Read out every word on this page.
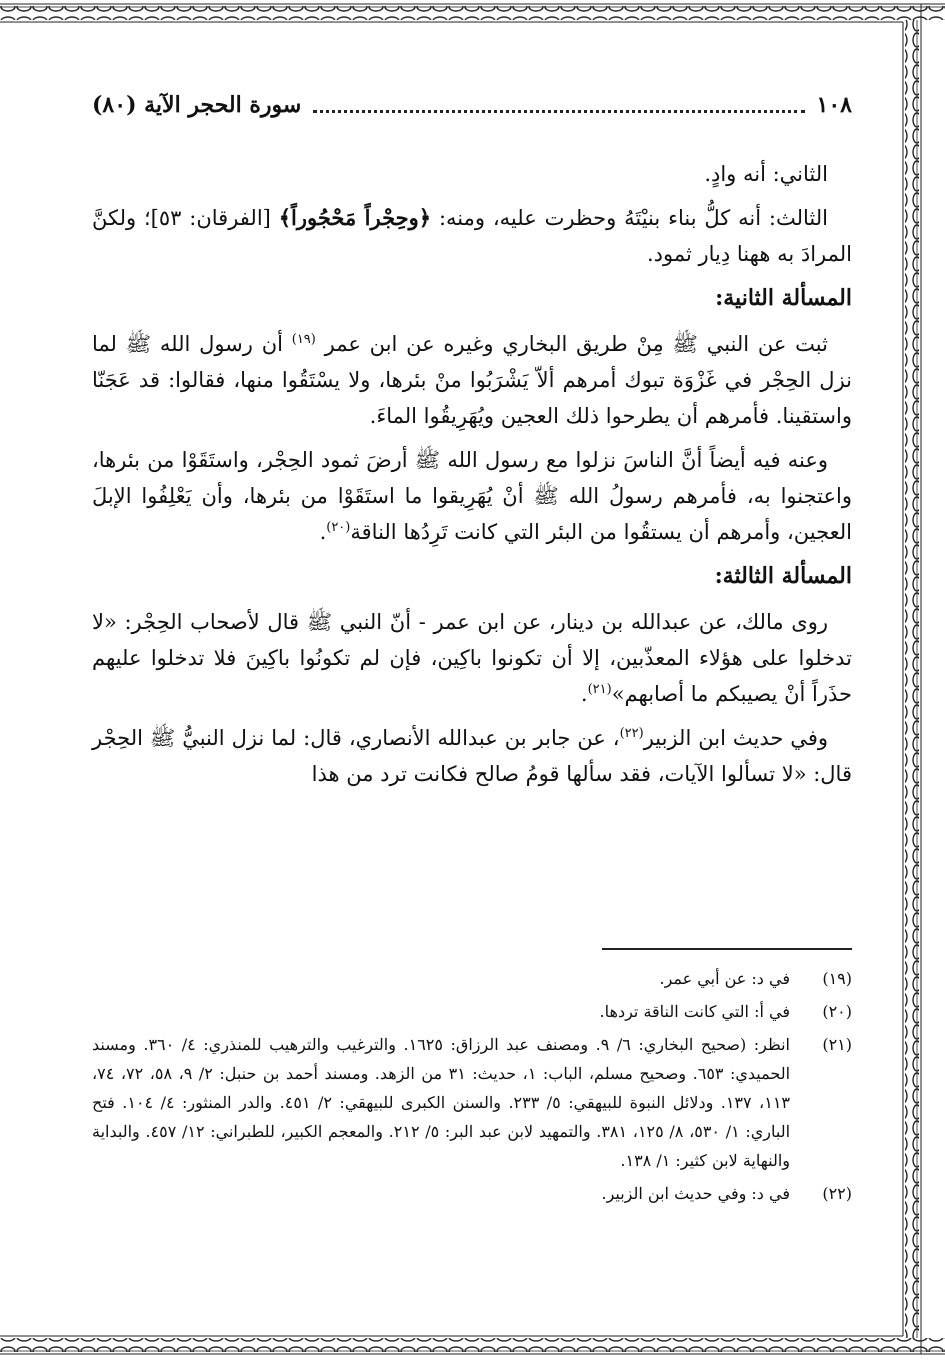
١٠٨
سورة الحجر الآية (٨٠)

الثاني: أنه وادٍ.

الثالث: أنه كلُّ بناء بنيْتَهُ وحظرت عليه، ومنه: ﴿وحِجْراً مَحْجُوراً﴾ [الفرقان: ٥٣]؛ ولكنَّ المرادَ به ههنا دِيار ثمود.

المسألة الثانية:

ثبت عن النبي ﷺ مِنْ طريق البخاري وغيره عن ابن عمر $^{(١٩)}$ أن رسول الله ﷺ لما نزل الحِجْر في غَزْوَة تبوك أمرهم ألاّ يَشْرَبُوا منْ بئرها، ولا يسْتَقُوا منها، فقالوا: قد عَجَنّا واستقينا. فأمرهم أن يطرحوا ذلك العجين ويُهَرِيقُوا الماءَ.

وعنه فيه أيضاً أنَّ الناسَ نزلوا مع رسول الله ﷺ أرضَ ثمود الحِجْر، واستَقَوْا من بئرها، واعتجنوا به، فأمرهم رسولُ الله ﷺ أنْ يُهَرِيقوا ما استَقَوْا من بئرها، وأن يَعْلِفُوا الإبلَ العجين، وأمرهم أن يستقُوا من البئر التي كانت تَرِدُها الناقة$^{(٢٠)}$.

المسألة الثالثة:

روى مالك، عن عبدالله بن دينار، عن ابن عمر - أنّ النبي ﷺ قال لأصحاب الحِجْر: «لا تدخلوا على هؤلاء المعذّبين، إلا أن تكونوا باكِين، فإن لم تكونُوا باكِينَ فلا تدخلوا عليهم حذَراً أنْ يصيبكم ما أصابهم»$^{(٢١)}$.

وفي حديث ابن الزبير$^{(٢٢)}$، عن جابر بن عبدالله الأنصاري، قال: لما نزل النبيُّ ﷺ الحِجْر قال: «لا تسألوا الآيات، فقد سألها قومُ صالح فكانت ترد من هذا

(١٩)
في د: عن أبي عمر.
(٢٠)
في أ: التي كانت الناقة تردها.
(٢١)
انظر: (صحيح البخاري: ٦/ ٩. ومصنف عبد الرزاق: ١٦٢٥. والترغيب والترهيب للمنذري: ٤/ ٣٦٠. ومسند الحميدي: ٦٥٣. وصحيح مسلم، الباب: ١، حديث: ٣١ من الزهد. ومسند أحمد بن حنبل: ٢/ ٩، ٥٨، ٧٢، ٧٤، ١١٣، ١٣٧. ودلائل النبوة للبيهقي: ٥/ ٢٣٣. والسنن الكبرى للبيهقي: ٢/ ٤٥١. والدر المنثور: ٤/ ١٠٤. فتح الباري: ١/ ٥٣٠، ٨/ ١٢٥، ٣٨١. والتمهيد لابن عبد البر: ٥/ ٢١٢. والمعجم الكبير، للطبراني: ١٢/ ٤٥٧. والبداية والنهاية لابن كثير: ١/ ١٣٨.
(٢٢)
في د: وفي حديث ابن الزبير.
